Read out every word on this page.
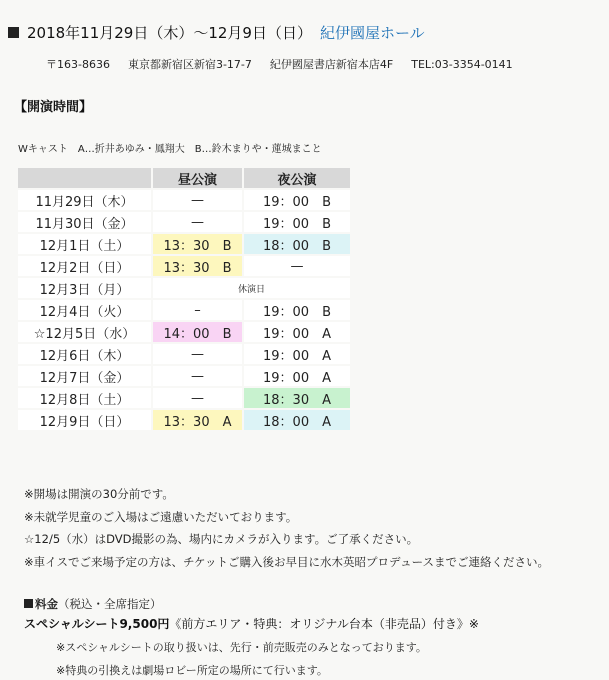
2018年11月29日（木）〜12月9日（日） 紀伊國屋ホール
〒163-8636 東京都新宿区新宿3-17-7 紀伊國屋書店新宿本店4F TEL:03-3354-0141
【開演時間】
Wキャスト　A…折井あゆみ・鳳翔大　B…鈴木まりや・蓮城まこと
	昼公演	夜公演
11月29日（木）	—	19：00　B
11月30日（金）	—	19：00　B
12月1日（土）	13：30　B	18：00　B
12月2日（日）	13：30　B	—
12月3日（月）	休演日	
12月4日（火）	–	19：00　B
☆12月5日（水）	14：00　B	19：00　A
12月6日（木）	—	19：00　A
12月7日（金）	—	19：00　A
12月8日（土）	—	18：30　A
12月9日（日）	13：30　A	18：00　A
※開場は開演の30分前です。
※未就学児童のご入場はご遠慮いただいております。
☆12/5（水）はDVD撮影の為、場内にカメラが入ります。ご了承ください。
※車イスでご来場予定の方は、チケットご購入後お早目に水木英昭プロデュースまでご連絡ください。
料金（税込・全席指定）
スペシャルシート9,500円《前方エリア・特典：オリジナル台本（非売品）付き》※
※スペシャルシートの取り扱いは、先行・前売販売のみとなっております。
※特典の引換えは劇場ロビー所定の場所にて行います。
